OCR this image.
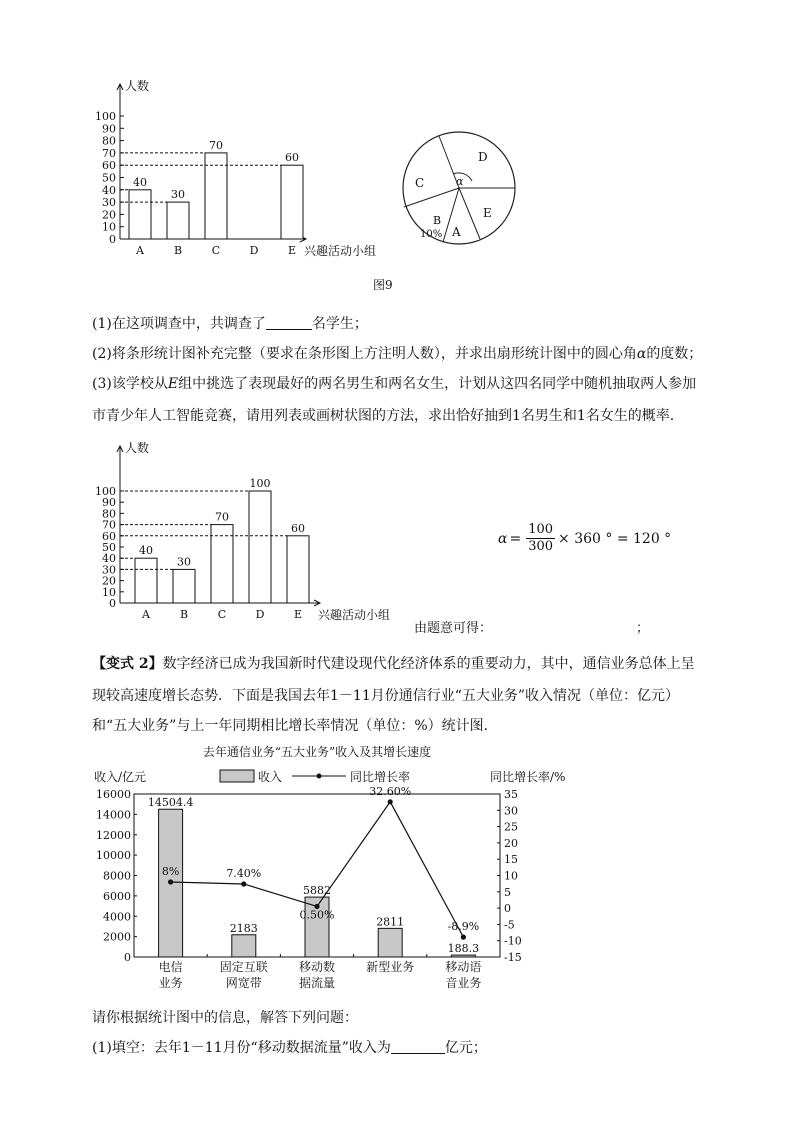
人数
兴趣活动小组
0
10
20
30
40
50
60
70
80
90
100
A
40
B
30
C
70
D	E
60	D
C
E
B
A
α
10%
图9
(1)在这项调查中，共调查了	名学生；
(2)将条形统计图补充完整（要求在条形图上方注明人数），并求出扇形统计图中的圆心角α的度数；
(3)该学校从E组中挑选了表现最好的两名男生和两名女生，计划从这四名同学中随机抽取两人参加
市青少年人工智能竞赛，请用列表或画树状图的方法，求出恰好抽到1名男生和1名女生的概率.
人数
兴趣活动小组
0
10
20
30
40
50
60
70
80
90
100
A
40
B
30
C
70
D
100
E
60
$\alpha = \frac{100}{300} \times 360$ ° = 120 °
由题意可得：	；
【变式 2】数字经济已成为我国新时代建设现代化经济体系的重要动力，其中，通信业务总体上呈
现较高速度增长态势．下面是我国去年1－11月份通信行业“五大业务”收入情况（单位：亿元）
和“五大业务”与上一年同期相比增长率情况（单位：%）统计图.
去年通信业务“五大业务”收入及其增长速度
收入/亿元	同比增长率/%
收入	同比增长率
0
2000
4000
6000
8000
10000
12000
14000
16000
-15
-10
-5
0
5
10
15
20
25
30
35
14504.4
电信
业务
2183
固定互联
网宽带
5882
移动数
据流量
2811
新型业务
188.3
移动语
音业务
8%	7.40%
0.50%
32.60%
-8.9%
请你根据统计图中的信息，解答下列问题：
(1)填空：去年1－11月份“移动数据流量”收入为	亿元；
